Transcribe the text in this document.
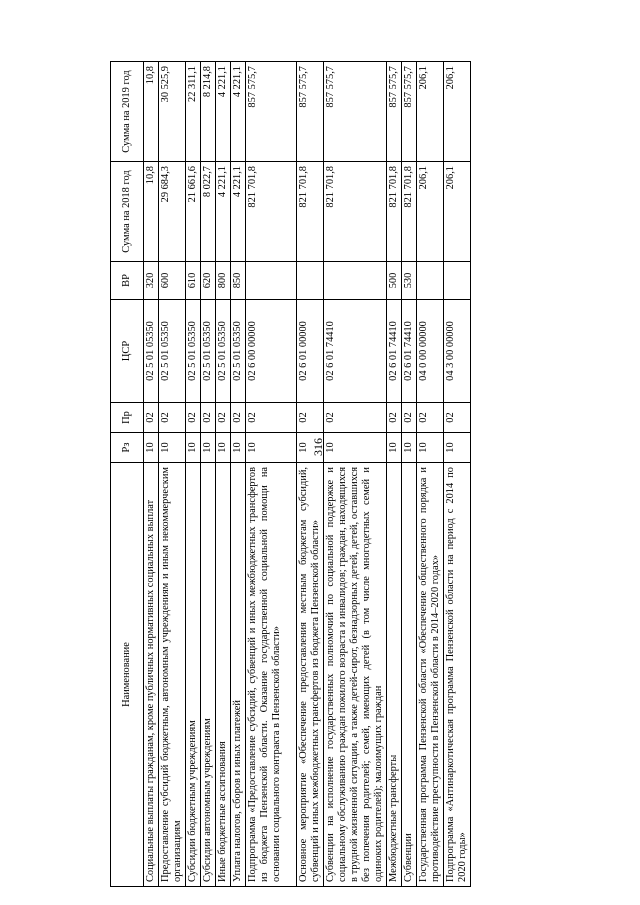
316
Наименование	Рз	Пр	ЦСР	ВР	Сумма на 2018 год	Сумма на 2019 год
Социальные выплаты гражданам, кроме публичных нормативных социальных выплат	10	02	02 5 01 05350	320	10,8	10,8
Предоставление субсидий бюджетным, автономным учреждениям и иным некоммерческим организациям	10	02	02 5 01 05350	600	29 684,3	30 525,9
Субсидии бюджетным учреждениям	10	02	02 5 01 05350	610	21 661,6	22 311,1
Субсидии автономным учреждениям	10	02	02 5 01 05350	620	8 022,7	8 214,8
Иные бюджетные ассигнования	10	02	02 5 01 05350	800	4 221,1	4 221,1
Уплата налогов, сборов и иных платежей	10	02	02 5 01 05350	850	4 221,1	4 221,1
Подпрограмма «Предоставление субсидий, субвенций и иных межбюджетных трансфертов из бюджета Пензенской области. Оказание государственной социальной помощи на основании социального контракта в Пензенской области»	10	02	02 6 00 00000		821 701,8	857 575,7
Основное мероприятие «Обеспечение предоставления местным бюджетам субсидий, субвенций и иных межбюджетных трансфертов из бюджета Пензенской области»	10	02	02 6 01 00000		821 701,8	857 575,7
Субвенции на исполнение государственных полномочий по социальной поддержке и социальному обслуживанию граждан пожилого возраста и инвалидов; граждан, находящихся в трудной жизненной ситуации, а также детей-сирот, безнадзорных детей, детей, оставшихся без попечения родителей; семей, имеющих детей (в том числе многодетных семей и одиноких родителей); малоимущих граждан	10	02	02 6 01 74410		821 701,8	857 575,7
Межбюджетные трансферты	10	02	02 6 01 74410	500	821 701,8	857 575,7
Субвенции	10	02	02 6 01 74410	530	821 701,8	857 575,7
Государственная программа Пензенской области «Обеспечение общественного порядка и противодействие преступности в Пензенской области в 2014–2020 годах»	10	02	04 0 00 00000		206,1	206,1
Подпрограмма «Антинаркотическая программа Пензенской области на период с 2014 по 2020 годы»	10	02	04 3 00 00000		206,1	206,1
